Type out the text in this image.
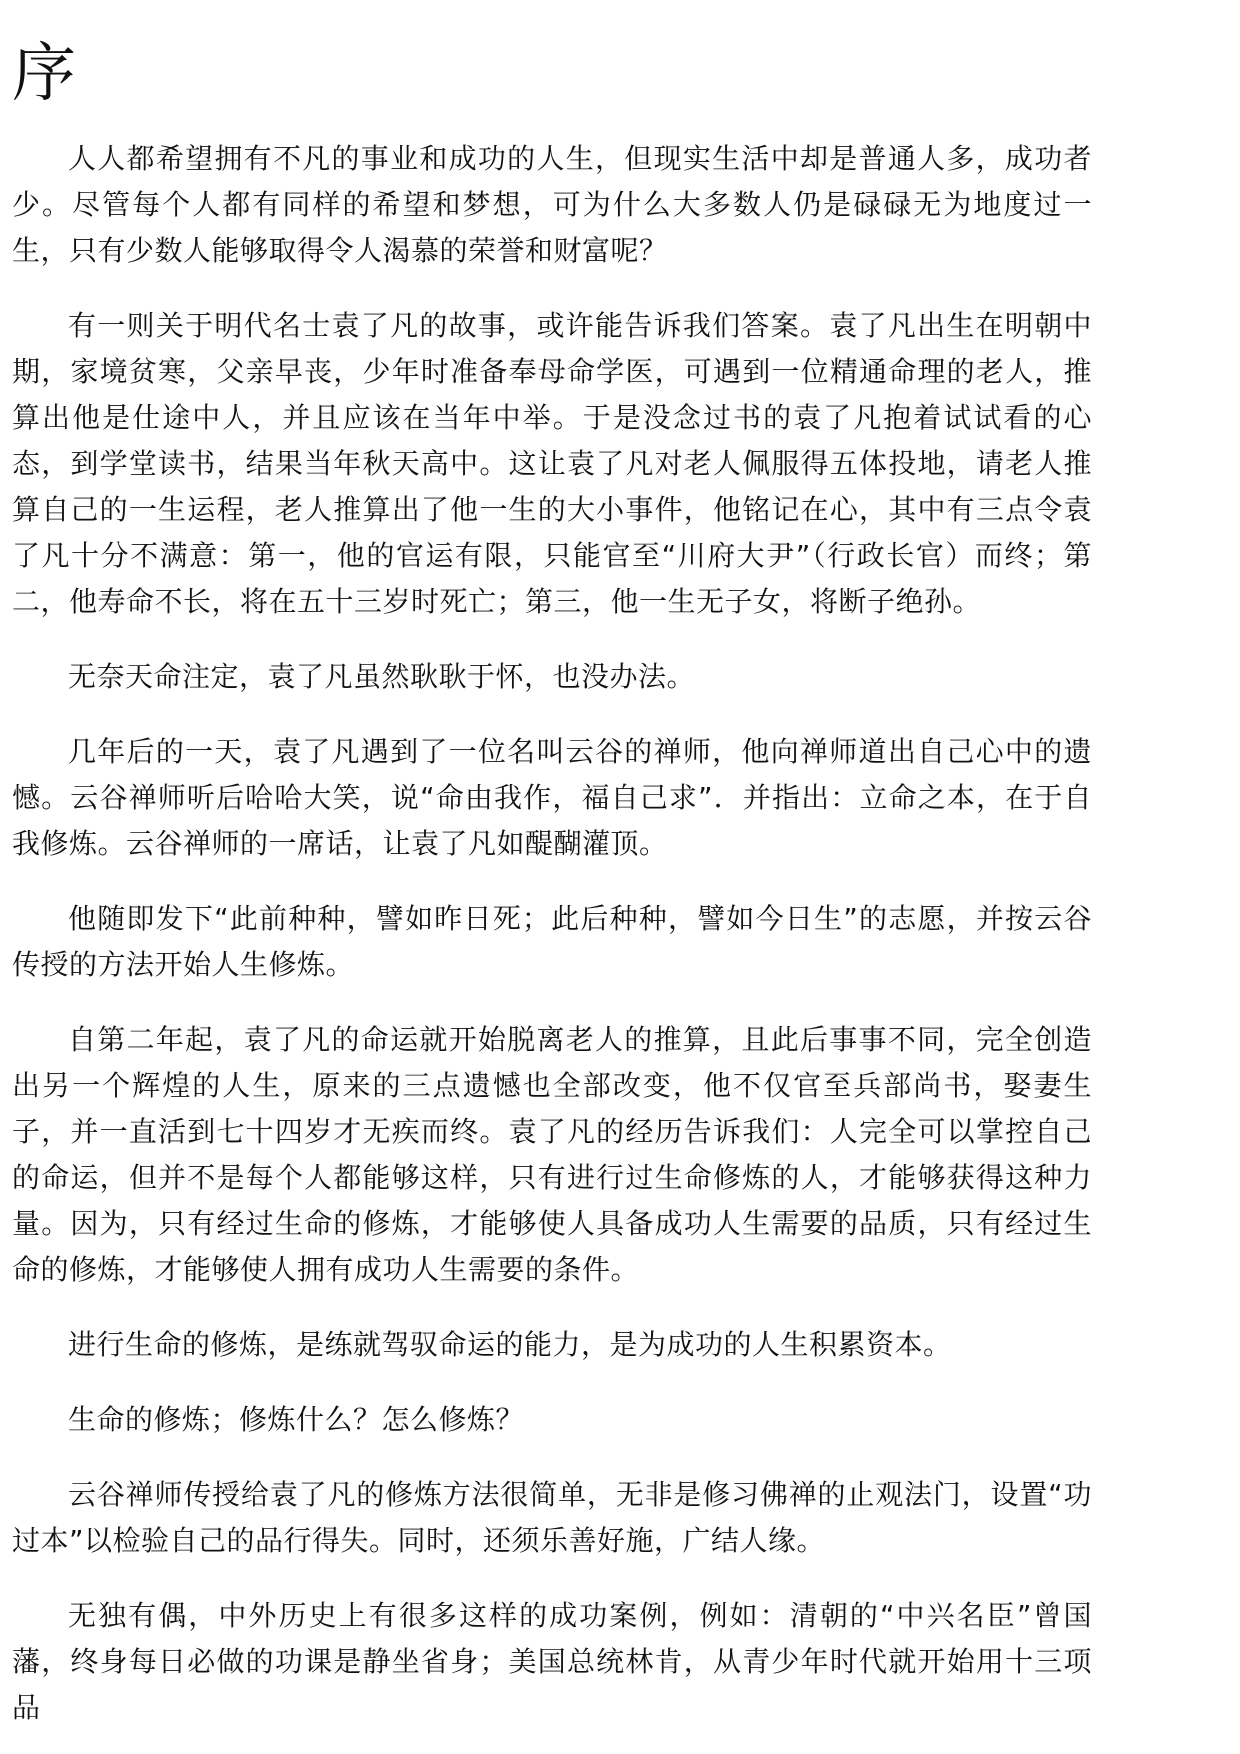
序

人人都希望拥有不凡的事业和成功的人生，但现实生活中却是普通人多，成功者少。尽管每个人都有同样的希望和梦想，可为什么大多数人仍是碌碌无为地度过一生，只有少数人能够取得令人渴慕的荣誉和财富呢？

有一则关于明代名士袁了凡的故事，或许能告诉我们答案。袁了凡出生在明朝中期，家境贫寒，父亲早丧，少年时准备奉母命学医，可遇到一位精通命理的老人，推算出他是仕途中人，并且应该在当年中举。于是没念过书的袁了凡抱着试试看的心态，到学堂读书，结果当年秋天高中。这让袁了凡对老人佩服得五体投地，请老人推算自己的一生运程，老人推算出了他一生的大小事件，他铭记在心，其中有三点令袁了凡十分不满意：第一，他的官运有限，只能官至“川府大尹”（行政长官）而终；第二，他寿命不长，将在五十三岁时死亡；第三，他一生无子女，将断子绝孙。

无奈天命注定，袁了凡虽然耿耿于怀，也没办法。

几年后的一天，袁了凡遇到了一位名叫云谷的禅师，他向禅师道出自己心中的遗憾。云谷禅师听后哈哈大笑，说“命由我作，福自己求”．并指出：立命之本，在于自我修炼。云谷禅师的一席话，让袁了凡如醍醐灌顶。

他随即发下“此前种种，譬如昨日死；此后种种，譬如今日生”的志愿，并按云谷传授的方法开始人生修炼。

自第二年起，袁了凡的命运就开始脱离老人的推算，且此后事事不同，完全创造出另一个辉煌的人生，原来的三点遗憾也全部改变，他不仅官至兵部尚书，娶妻生子，并一直活到七十四岁才无疾而终。袁了凡的经历告诉我们：人完全可以掌控自己的命运，但并不是每个人都能够这样，只有进行过生命修炼的人，才能够获得这种力量。因为，只有经过生命的修炼，才能够使人具备成功人生需要的品质，只有经过生命的修炼，才能够使人拥有成功人生需要的条件。

进行生命的修炼，是练就驾驭命运的能力，是为成功的人生积累资本。

生命的修炼；修炼什么？怎么修炼？

云谷禅师传授给袁了凡的修炼方法很简单，无非是修习佛禅的止观法门，设置“功过本”以检验自己的品行得失。同时，还须乐善好施，广结人缘。

无独有偶，中外历史上有很多这样的成功案例，例如：清朝的“中兴名臣”曾国藩，终身每日必做的功课是静坐省身；美国总统林肯，从青少年时代就开始用十三项品
